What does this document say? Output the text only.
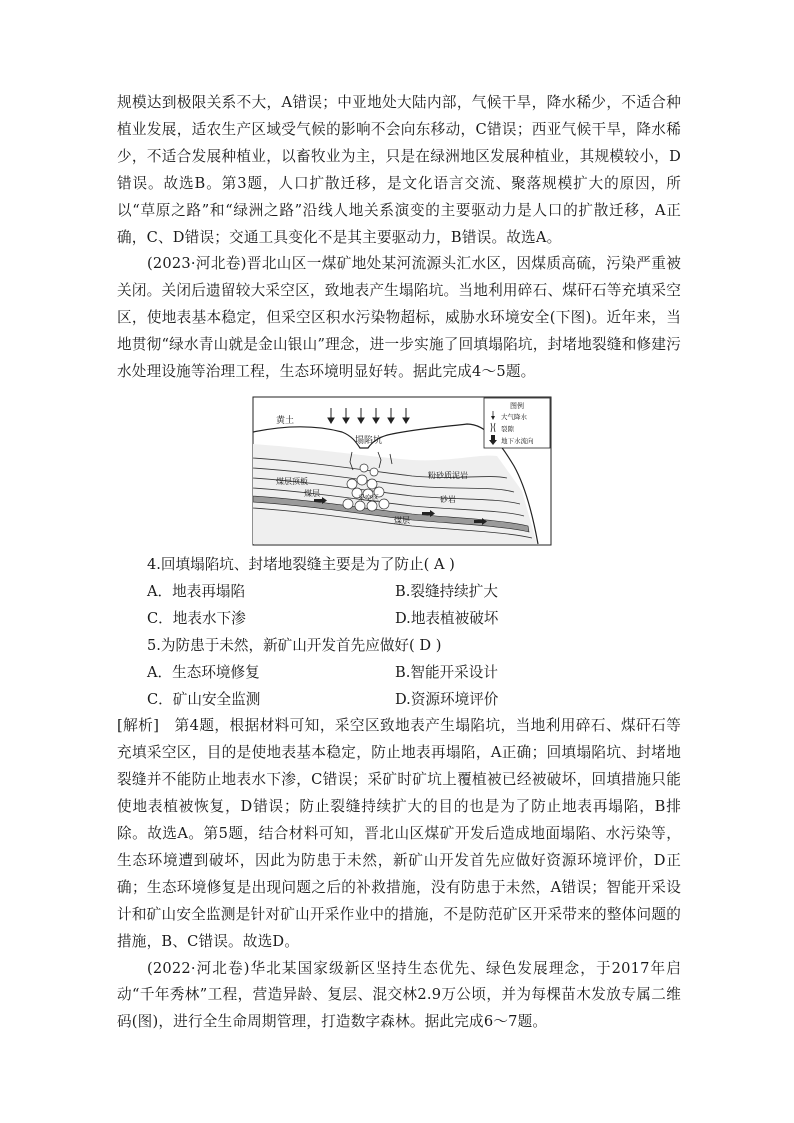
规模达到极限关系不大，A错误；中亚地处大陆内部，气候干旱，降水稀少，不适合种植业发展，适农生产区域受气候的影响不会向东移动，C错误；西亚气候干旱，降水稀少，不适合发展种植业，以畜牧业为主，只是在绿洲地区发展种植业，其规模较小，D错误。故选B。第3题，人口扩散迁移，是文化语言交流、聚落规模扩大的原因，所以“草原之路”和“绿洲之路”沿线人地关系演变的主要驱动力是人口的扩散迁移，A正确，C、D错误；交通工具变化不是其主要驱动力，B错误。故选A。

(2023·河北卷)晋北山区一煤矿地处某河流源头汇水区，因煤质高硫，污染严重被关闭。关闭后遗留较大采空区，致地表产生塌陷坑。当地利用碎石、煤矸石等充填采空区，使地表基本稳定，但采空区积水污染物超标，威胁水环境安全(下图)。近年来，当地贯彻“绿水青山就是金山银山”理念，进一步实施了回填塌陷坑，封堵地裂缝和修建污水处理设施等治理工程，生态环境明显好转。据此完成4～5题。

黄土
塌陷坑
煤层顶板
煤层	采空区
煤层
粉砂质泥岩
砂岩
图例
大气降水
裂隙
地下水流向

4.回填塌陷坑、封堵地裂缝主要是为了防止( A )

A．地表再塌陷	B.裂缝持续扩大
C．地表水下渗	D.地表植被破坏

5.为防患于未然，新矿山开发首先应做好( D )

A．生态环境修复	B.智能开采设计
C．矿山安全监测	D.资源环境评价

[解析]　第4题，根据材料可知，采空区致地表产生塌陷坑，当地利用碎石、煤矸石等充填采空区，目的是使地表基本稳定，防止地表再塌陷，A正确；回填塌陷坑、封堵地裂缝并不能防止地表水下渗，C错误；采矿时矿坑上覆植被已经被破坏，回填措施只能使地表植被恢复，D错误；防止裂缝持续扩大的目的也是为了防止地表再塌陷，B排除。故选A。第5题，结合材料可知，晋北山区煤矿开发后造成地面塌陷、水污染等，生态环境遭到破坏，因此为防患于未然，新矿山开发首先应做好资源环境评价，D正确；生态环境修复是出现问题之后的补救措施，没有防患于未然，A错误；智能开采设计和矿山安全监测是针对矿山开采作业中的措施，不是防范矿区开采带来的整体问题的措施，B、C错误。故选D。

(2022·河北卷)华北某国家级新区坚持生态优先、绿色发展理念，于2017年启动“千年秀林”工程，营造异龄、复层、混交林2.9万公顷，并为每棵苗木发放专属二维码(图)，进行全生命周期管理，打造数字森林。据此完成6～7题。
